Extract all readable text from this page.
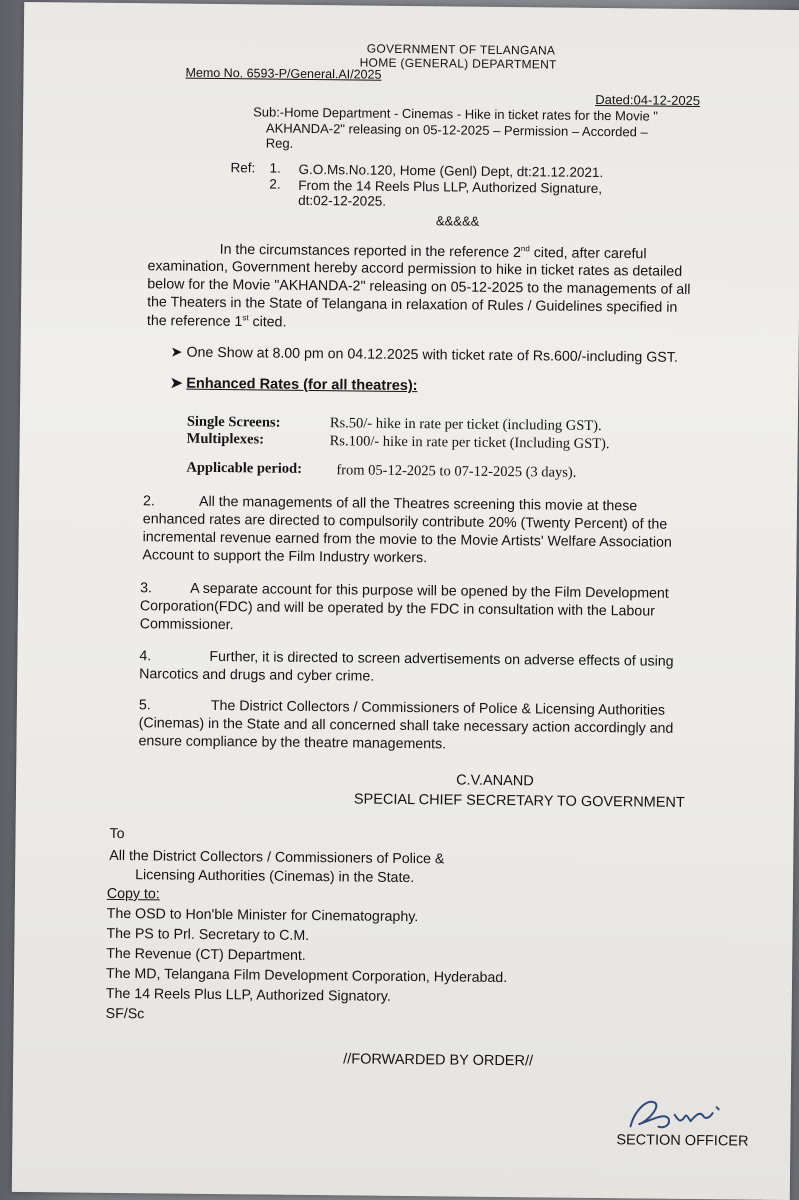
GOVERNMENT OF TELANGANA
HOME (GENERAL) DEPARTMENT
Memo No. 6593-P/General.AI/2025
Dated:04-12-2025
Sub:-Home Department - Cinemas - Hike in ticket rates for the Movie "
AKHANDA-2" releasing on 05-12-2025 – Permission – Accorded –
Reg.
Ref: 1. G.O.Ms.No.120, Home (Genl) Dept, dt:21.12.2021.
2. From the 14 Reels Plus LLP, Authorized Signature,
dt:02-12-2025.
&&&&&
In the circumstances reported in the reference 2nd cited, after careful
examination, Government hereby accord permission to hike in ticket rates as detailed
below for the Movie "AKHANDA-2" releasing on 05-12-2025 to the managements of all
the Theaters in the State of Telangana in relaxation of Rules / Guidelines specified in
the reference 1st cited.
➤ One Show at 8.00 pm on 04.12.2025 with ticket rate of Rs.600/-including GST.
➤ Enhanced Rates (for all theatres):
Single Screens:	Rs.50/- hike in rate per ticket (including GST).
Multiplexes:	Rs.100/- hike in rate per ticket (Including GST).
Applicable period: from 05-12-2025 to 07-12-2025 (3 days).
2.	All the managements of all the Theatres screening this movie at these
enhanced rates are directed to compulsorily contribute 20% (Twenty Percent) of the
incremental revenue earned from the movie to the Movie Artists' Welfare Association
Account to support the Film Industry workers.
3.	A separate account for this purpose will be opened by the Film Development
Corporation(FDC) and will be operated by the FDC in consultation with the Labour
Commissioner.
4.	Further, it is directed to screen advertisements on adverse effects of using
Narcotics and drugs and cyber crime.
5.	The District Collectors / Commissioners of Police & Licensing Authorities
(Cinemas) in the State and all concerned shall take necessary action accordingly and
ensure compliance by the theatre managements.
C.V.ANAND
SPECIAL CHIEF SECRETARY TO GOVERNMENT
To
All the District Collectors / Commissioners of Police &
Licensing Authorities (Cinemas) in the State.
Copy to:
The OSD to Hon'ble Minister for Cinematography.
The PS to Prl. Secretary to C.M.
The Revenue (CT) Department.
The MD, Telangana Film Development Corporation, Hyderabad.
The 14 Reels Plus LLP, Authorized Signatory.
SF/Sc
//FORWARDED BY ORDER//
SECTION OFFICER
